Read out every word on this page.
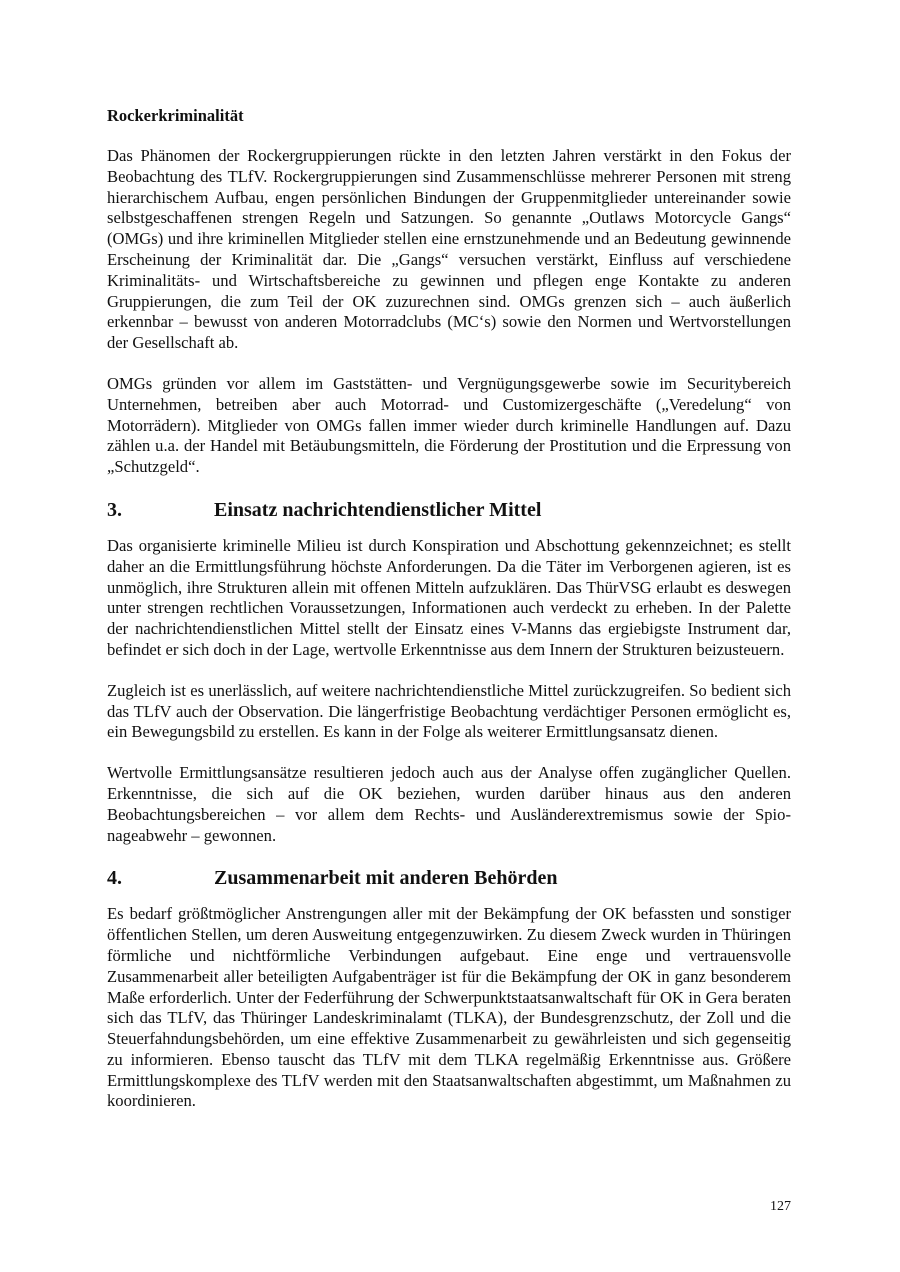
Rockerkriminalität

Das Phänomen der Rockergruppierungen rückte in den letzten Jahren verstärkt in den Fokus der Beobachtung des TLfV. Rockergruppierungen sind Zusammenschlüsse mehrerer Personen mit streng hierarchischem Aufbau, engen persönlichen Bindungen der Gruppenmitglieder untereinander sowie selbstgeschaffenen strengen Regeln und Satzungen. So genannte „Outlaws Motorcycle Gangs“ (OMGs) und ihre kriminellen Mitglieder stellen eine ernstzunehmende und an Bedeutung gewinnende Erscheinung der Kriminalität dar. Die „Gangs“ versuchen verstärkt, Einfluss auf verschiedene Kriminalitäts- und Wirtschaftsbereiche zu gewinnen und pflegen enge Kontakte zu anderen Gruppierungen, die zum Teil der OK zuzurechnen sind. OMGs grenzen sich – auch äußerlich erkennbar – bewusst von anderen Motorradclubs (MC‘s) sowie den Normen und Wertvorstellungen der Gesellschaft ab.

OMGs gründen vor allem im Gaststätten- und Vergnügungsgewerbe sowie im Securitybereich Unternehmen, betreiben aber auch Motorrad- und Customizergeschäfte („Veredelung“ von Motorrädern). Mitglieder von OMGs fallen immer wieder durch kriminelle Handlungen auf. Dazu zählen u.a. der Handel mit Betäubungsmitteln, die Förderung der Prostitution und die Erpressung von „Schutzgeld“.

3.	Einsatz nachrichtendienstlicher Mittel

Das organisierte kriminelle Milieu ist durch Konspiration und Abschottung gekennzeichnet; es stellt daher an die Ermittlungsführung höchste Anforderungen. Da die Täter im Verborgenen agieren, ist es unmöglich, ihre Strukturen allein mit offenen Mitteln aufzuklären. Das ThürVSG erlaubt es deswegen unter strengen rechtlichen Voraussetzungen, Informationen auch verdeckt zu erheben. In der Palette der nachrichtendienstlichen Mittel stellt der Einsatz eines V-Manns das ergiebigste Instrument dar, befindet er sich doch in der Lage, wertvolle Erkenntnisse aus dem Innern der Strukturen beizusteuern.

Zugleich ist es unerlässlich, auf weitere nachrichtendienstliche Mittel zurückzugreifen. So bedient sich das TLfV auch der Observation. Die längerfristige Beobachtung verdächtiger Personen ermöglicht es, ein Bewegungsbild zu erstellen. Es kann in der Folge als weiterer Ermittlungsansatz dienen.

Wertvolle Ermittlungsansätze resultieren jedoch auch aus der Analyse offen zugänglicher Quellen. Erkenntnisse, die sich auf die OK beziehen, wurden darüber hinaus aus den anderen Beobachtungsbereichen – vor allem dem Rechts- und Ausländerextremismus sowie der Spionageabwehr – gewonnen.

4.	Zusammenarbeit mit anderen Behörden

Es bedarf größtmöglicher Anstrengungen aller mit der Bekämpfung der OK befassten und sonstiger öffentlichen Stellen, um deren Ausweitung entgegenzuwirken. Zu diesem Zweck wurden in Thüringen förmliche und nichtförmliche Verbindungen aufgebaut. Eine enge und vertrauensvolle Zusammenarbeit aller beteiligten Aufgabenträger ist für die Bekämpfung der OK in ganz besonderem Maße erforderlich. Unter der Federführung der Schwerpunktstaatsanwaltschaft für OK in Gera beraten sich das TLfV, das Thüringer Landeskriminalamt (TLKA), der Bundesgrenzschutz, der Zoll und die Steuerfahndungsbehörden, um eine effektive Zusammenarbeit zu gewährleisten und sich gegenseitig zu informieren. Ebenso tauscht das TLfV mit dem TLKA regelmäßig Erkenntnisse aus. Größere Ermittlungskomplexe des TLfV werden mit den Staatsanwaltschaften abgestimmt, um Maßnahmen zu koordinieren.

127
